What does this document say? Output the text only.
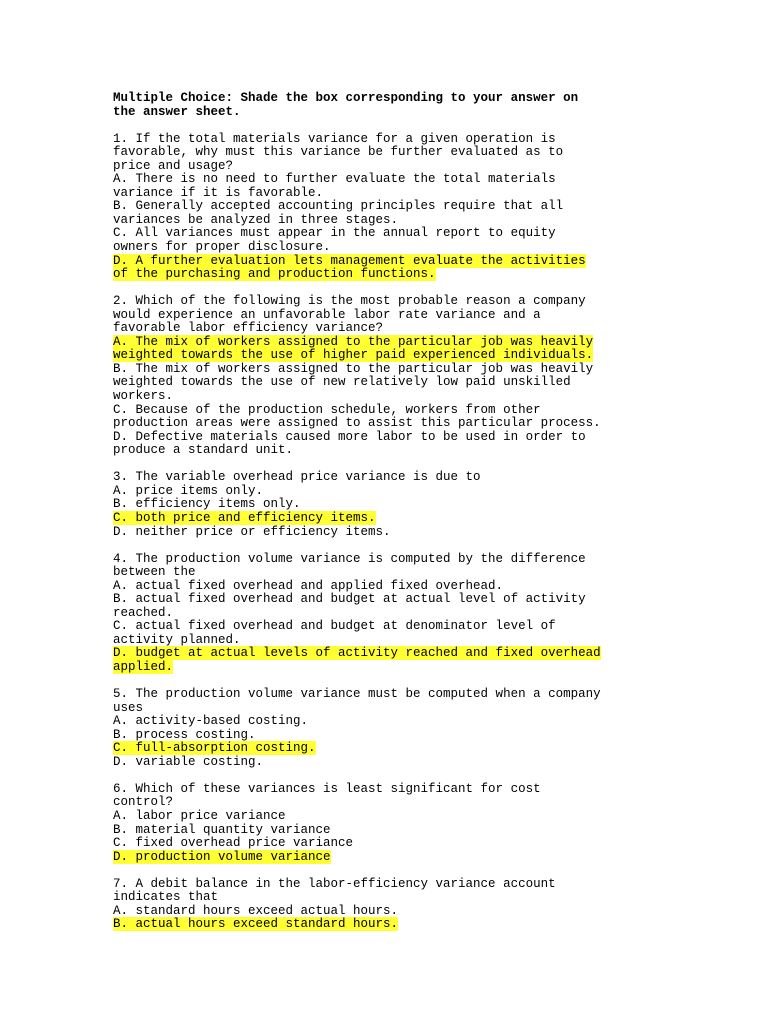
Multiple Choice: Shade the box corresponding to your answer on
the answer sheet.
1. If the total materials variance for a given operation is
favorable, why must this variance be further evaluated as to
price and usage?
A. There is no need to further evaluate the total materials
variance if it is favorable.
B. Generally accepted accounting principles require that all
variances be analyzed in three stages.
C. All variances must appear in the annual report to equity
owners for proper disclosure.
D. A further evaluation lets management evaluate the activities
of the purchasing and production functions.
2. Which of the following is the most probable reason a company
would experience an unfavorable labor rate variance and a
favorable labor efficiency variance?
A. The mix of workers assigned to the particular job was heavily
weighted towards the use of higher paid experienced individuals.
B. The mix of workers assigned to the particular job was heavily
weighted towards the use of new relatively low paid unskilled
workers.
C. Because of the production schedule, workers from other
production areas were assigned to assist this particular process.
D. Defective materials caused more labor to be used in order to
produce a standard unit.
3. The variable overhead price variance is due to
A. price items only.
B. efficiency items only.
C. both price and efficiency items.
D. neither price or efficiency items.
4. The production volume variance is computed by the difference
between the
A. actual fixed overhead and applied fixed overhead.
B. actual fixed overhead and budget at actual level of activity
reached.
C. actual fixed overhead and budget at denominator level of
activity planned.
D. budget at actual levels of activity reached and fixed overhead
applied.
5. The production volume variance must be computed when a company
uses
A. activity-based costing.
B. process costing.
C. full-absorption costing.
D. variable costing.
6. Which of these variances is least significant for cost
control?
A. labor price variance
B. material quantity variance
C. fixed overhead price variance
D. production volume variance
7. A debit balance in the labor-efficiency variance account
indicates that
A. standard hours exceed actual hours.
B. actual hours exceed standard hours.
